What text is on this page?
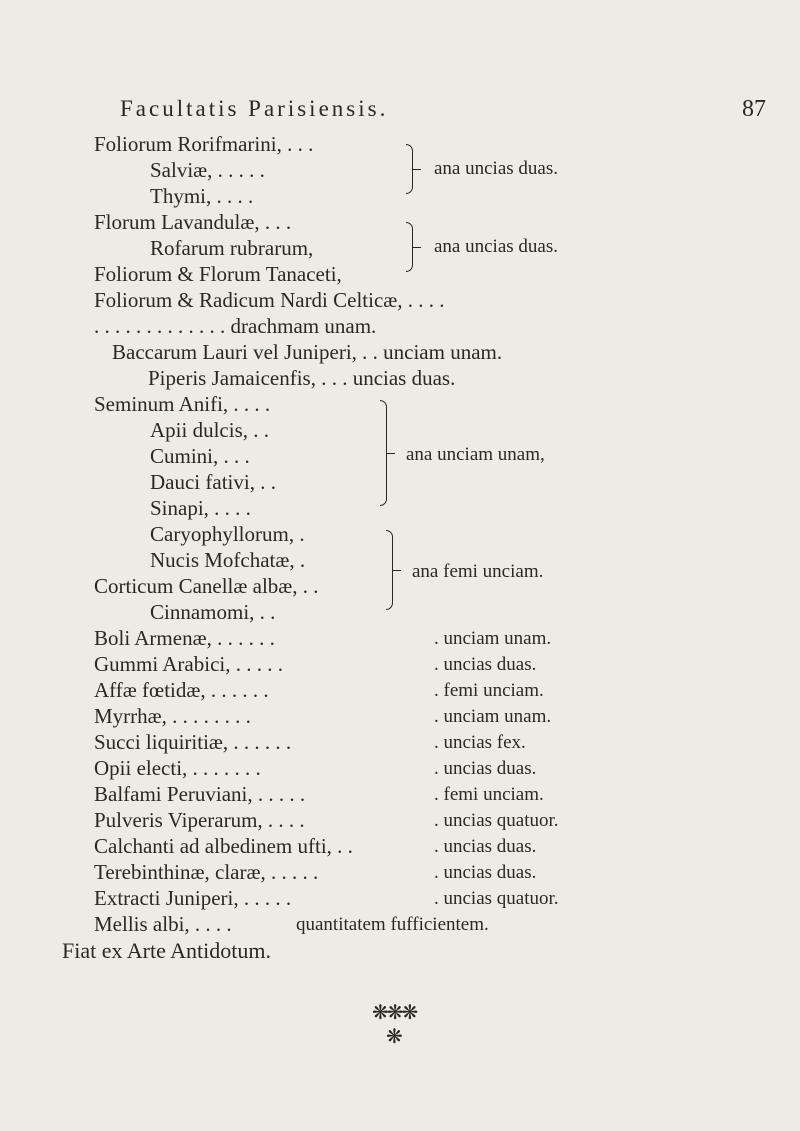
Facultatis Parisiensis.	87
Foliorum Rorifmarini, . . .
Salviæ, . . . . .
Thymi, . . . .
Florum Lavandulæ, . . .
Rofarum rubrarum,
Foliorum & Florum Tanaceti,
Foliorum & Radicum Nardi Celticæ, . . . .
. . . . . . . . . . . . . drachmam unam.
Baccarum Lauri vel Juniperi, . . unciam unam.
Piperis Jamaicenfis, . . . uncias duas.
Seminum Anifi, . . . .
Apii dulcis, . .
Cumini, . . .
Dauci fativi, . .
Sinapi, . . . .
Caryophyllorum, .
Nucis Mofchatæ, .
Corticum Canellæ albæ, . .
Cinnamomi, . .
Boli Armenæ, . . . . . .
Gummi Arabici, . . . . .
Affæ fœtidæ, . . . . . .
Myrrhæ, . . . . . . . .
Succi liquiritiæ, . . . . . .
Opii electi, . . . . . . .
Balfami Peruviani, . . . . .
Pulveris Viperarum, . . . .
Calchanti ad albedinem ufti, . .
Terebinthinæ, claræ, . . . . .
Extracti Juniperi, . . . . .
Mellis albi, . . . .
Fiat ex Arte Antidotum.
ana uncias duas.
ana uncias duas.
ana unciam unam,
ana femi unciam.
. unciam unam.
. uncias duas.
. femi unciam.
. unciam unam.
. uncias fex.
. uncias duas.
. femi unciam.
. uncias quatuor.
. uncias duas.
. uncias duas.
. uncias quatuor.
quantitatem fufficientem.
❋❋❋
❋
